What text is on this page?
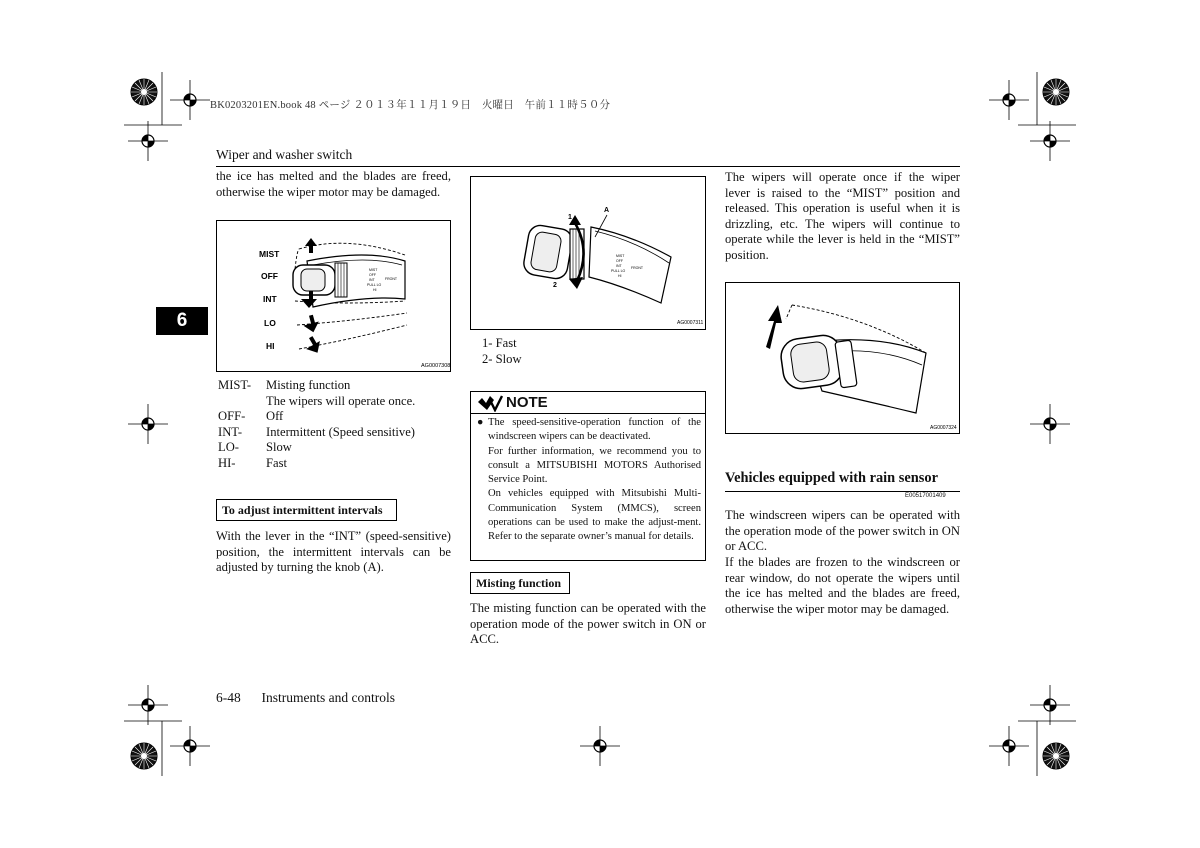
BK0203201EN.book 48 ページ ２０１３年１１月１９日　火曜日　午前１１時５０分
Wiper and washer switch
6
the ice has melted and the blades are freed, otherwise the wiper motor may be damaged.
MIST
OFF
INT
LO
HI
MIST
OFF
INT
PULL LO
HI
FRONT
AG0007308
MIST-	Misting function
The wipers will operate once.
OFF-	Off
INT-	Intermittent (Speed sensitive)
LO-	Slow
HI-	Fast
To adjust intermittent intervals
With the lever in the “INT” (speed-sensitive) position, the intermittent intervals can be adjusted by turning the knob (A).
MIST
OFF
INT
PULL LO
HI
FRONT
1
2
A
AG0007311
1- Fast
2- Slow
NOTE
● The speed-sensitive-operation function of the windscreen wipers can be deactivated.
For further information, we recommend you to consult a MITSUBISHI MOTORS Authorised Service Point.
On vehicles equipped with Mitsubishi Multi-Communication System (MMCS), screen operations can be used to make the adjust-ment. Refer to the separate owner’s manual for details.
Misting function
The misting function can be operated with the operation mode of the power switch in ON or ACC.
The wipers will operate once if the wiper lever is raised to the “MIST” position and released. This operation is useful when it is drizzling, etc. The wipers will continue to operate while the lever is held in the “MIST” position.
AG0007324
Vehicles equipped with rain sensor
E00517001409
The windscreen wipers can be operated with the operation mode of the power switch in ON or ACC.
If the blades are frozen to the windscreen or rear window, do not operate the wipers until the ice has melted and the blades are freed, otherwise the wiper motor may be damaged.
6-48 Instruments and controls
